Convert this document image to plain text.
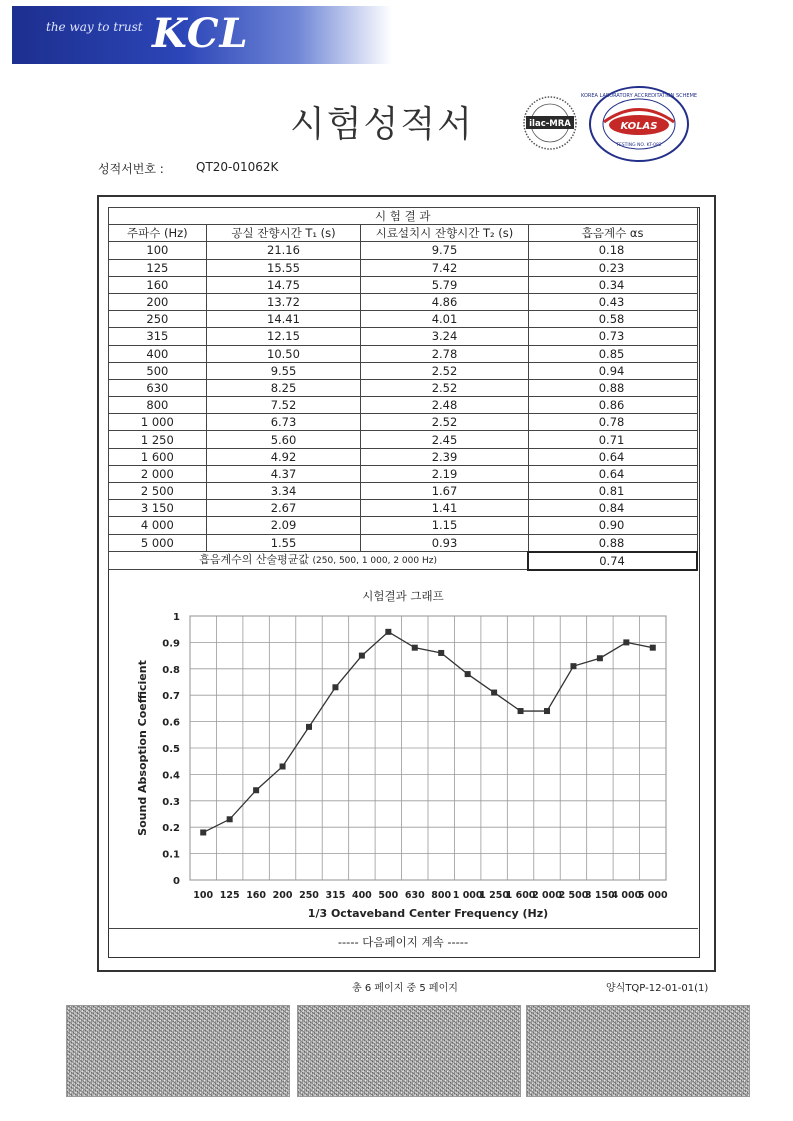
the way to trust KCL
시험성적서	ilac-MRA	KOLAS
KOREA LABORATORY ACCREDITATION SCHEME
TESTING NO. KT-082
성적서번호 :	QT20-01062K
시 험 결 과			
주파수 (Hz)	공실 잔향시간 T₁ (s)	시료설치시 잔향시간 T₂ (s)	흡음계수 αs
100	21.16	9.75	0.18
125	15.55	7.42	0.23
160	14.75	5.79	0.34
200	13.72	4.86	0.43
250	14.41	4.01	0.58
315	12.15	3.24	0.73
400	10.50	2.78	0.85
500	9.55	2.52	0.94
630	8.25	2.52	0.88
800	7.52	2.48	0.86
1 000	6.73	2.52	0.78
1 250	5.60	2.45	0.71
1 600	4.92	2.39	0.64
2 000	4.37	2.19	0.64
2 500	3.34	1.67	0.81
3 150	2.67	1.41	0.84
4 000	2.09	1.15	0.90
5 000	1.55	0.93	0.88
흡음계수의 산술평균값 (250, 500, 1 000, 2 000 Hz)			0.74
시험결과 그래프
0
0.1
0.2
0.3
0.4
0.5
0.6
0.7
0.8
0.9
1
100 125 160 200 250 315 400 500 630 800 1 000
1 250
1 600
2 000
2 500
3 150
4 000
5 000
1/3 Octaveband Center Frequency (Hz)
Sound Absoption Coefficient
----- 다음페이지 계속 -----
총 6 페이지 중 5 페이지	양식TQP-12-01-01(1)
